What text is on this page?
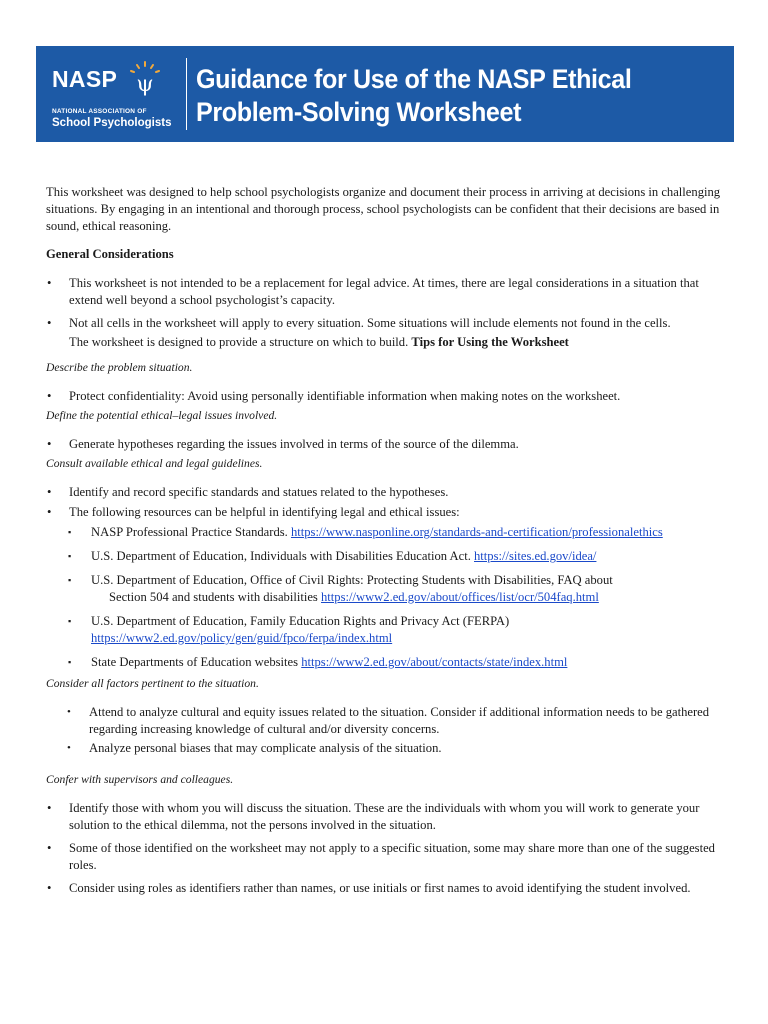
NASP ψ
NATIONAL ASSOCIATION OF
School Psychologists
Guidance for Use of the NASP Ethical
Problem-Solving Worksheet

This worksheet was designed to help school psychologists organize and document their process in arriving at decisions in challenging situations. By engaging in an intentional and thorough process, school psychologists can be confident that their decisions are based in sound, ethical reasoning.

General Considerations

• This worksheet is not intended to be a replacement for legal advice. At times, there are legal considerations in a situation that extend well beyond a school psychologist’s capacity.
• Not all cells in the worksheet will apply to every situation. Some situations will include elements not found in the cells.

The worksheet is designed to provide a structure on which to build. Tips for Using the Worksheet

Describe the problem situation.

• Protect confidentiality: Avoid using personally identifiable information when making notes on the worksheet.

Define the potential ethical–legal issues involved.

• Generate hypotheses regarding the issues involved in terms of the source of the dilemma.

Consult available ethical and legal guidelines.

• Identify and record specific standards and statues related to the hypotheses.
• The following resources can be helpful in identifying legal and ethical issues:
▪ NASP Professional Practice Standards. https://www.nasponline.org/standards-and-certification/professionalethics
▪ U.S. Department of Education, Individuals with Disabilities Education Act. https://sites.ed.gov/idea/
▪ U.S. Department of Education, Office of Civil Rights: Protecting Students with Disabilities, FAQ about
Section 504 and students with disabilities https://www2.ed.gov/about/offices/list/ocr/504faq.html
▪ U.S. Department of Education, Family Education Rights and Privacy Act (FERPA)
https://www2.ed.gov/policy/gen/guid/fpco/ferpa/index.html
▪ State Departments of Education websites https://www2.ed.gov/about/contacts/state/index.html

Consider all factors pertinent to the situation.

• Attend to analyze cultural and equity issues related to the situation. Consider if additional information needs to be gathered regarding increasing knowledge of cultural and/or diversity concerns.
• Analyze personal biases that may complicate analysis of the situation.

Confer with supervisors and colleagues.

• Identify those with whom you will discuss the situation. These are the individuals with whom you will work to generate your solution to the ethical dilemma, not the persons involved in the situation.
• Some of those identified on the worksheet may not apply to a specific situation, some may share more than one of the suggested roles.
• Consider using roles as identifiers rather than names, or use initials or first names to avoid identifying the student involved.
